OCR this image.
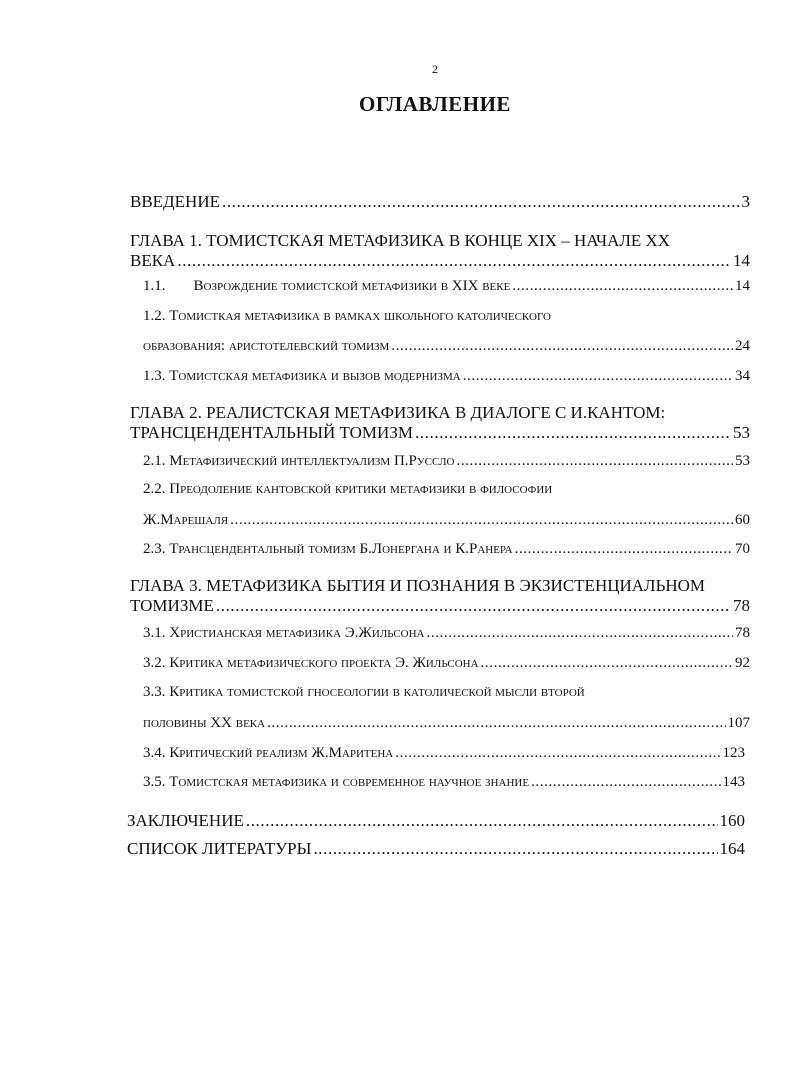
2
ОГЛАВЛЕНИЕ
ВВЕДЕНИЕ .....	3
ГЛАВА 1. ТОМИСТСКАЯ МЕТАФИЗИКА В КОНЦЕ XIX – НАЧАЛЕ XX
ВЕКА .....	14
1.1. Возрождение томистской метафизики в XIX веке .....	14
1.2. Томисткая метафизика в рамках школьного католического
образования: аристотелевский томизм .....	24
1.3. Томистская метафизика и вызов модернизма .....	34
ГЛАВА 2. РЕАЛИСТСКАЯ МЕТАФИЗИКА В ДИАЛОГЕ С И.КАНТОМ:
ТРАНСЦЕНДЕНТАЛЬНЫЙ ТОМИЗМ .....	53
2.1. Метафизический интеллектуализм П.Руссло .....	53
2.2. Преодоление кантовской критики метафизики в философии
Ж.Марешаля .....	60
2.3. Трансцендентальный томизм Б.Лонергана и К.Ранера .....	70
ГЛАВА 3. МЕТАФИЗИКА БЫТИЯ И ПОЗНАНИЯ В ЭКЗИСТЕНЦИАЛЬНОМ
ТОМИЗМЕ .....	78
3.1. Христианская метафизика Э.Жильсона .....	78
3.2. Критика метафизического проекта Э. Жильсона .....	92
3.3. Критика томистской гносеологии в католической мысли второй
половины XX века .....	107
3.4. Критический реализм Ж.Маритена .....	123
3.5. Томистская метафизика и современное научное знание .....	143
ЗАКЛЮЧЕНИЕ .....	160
СПИСОК ЛИТЕРАТУРЫ .....	164
